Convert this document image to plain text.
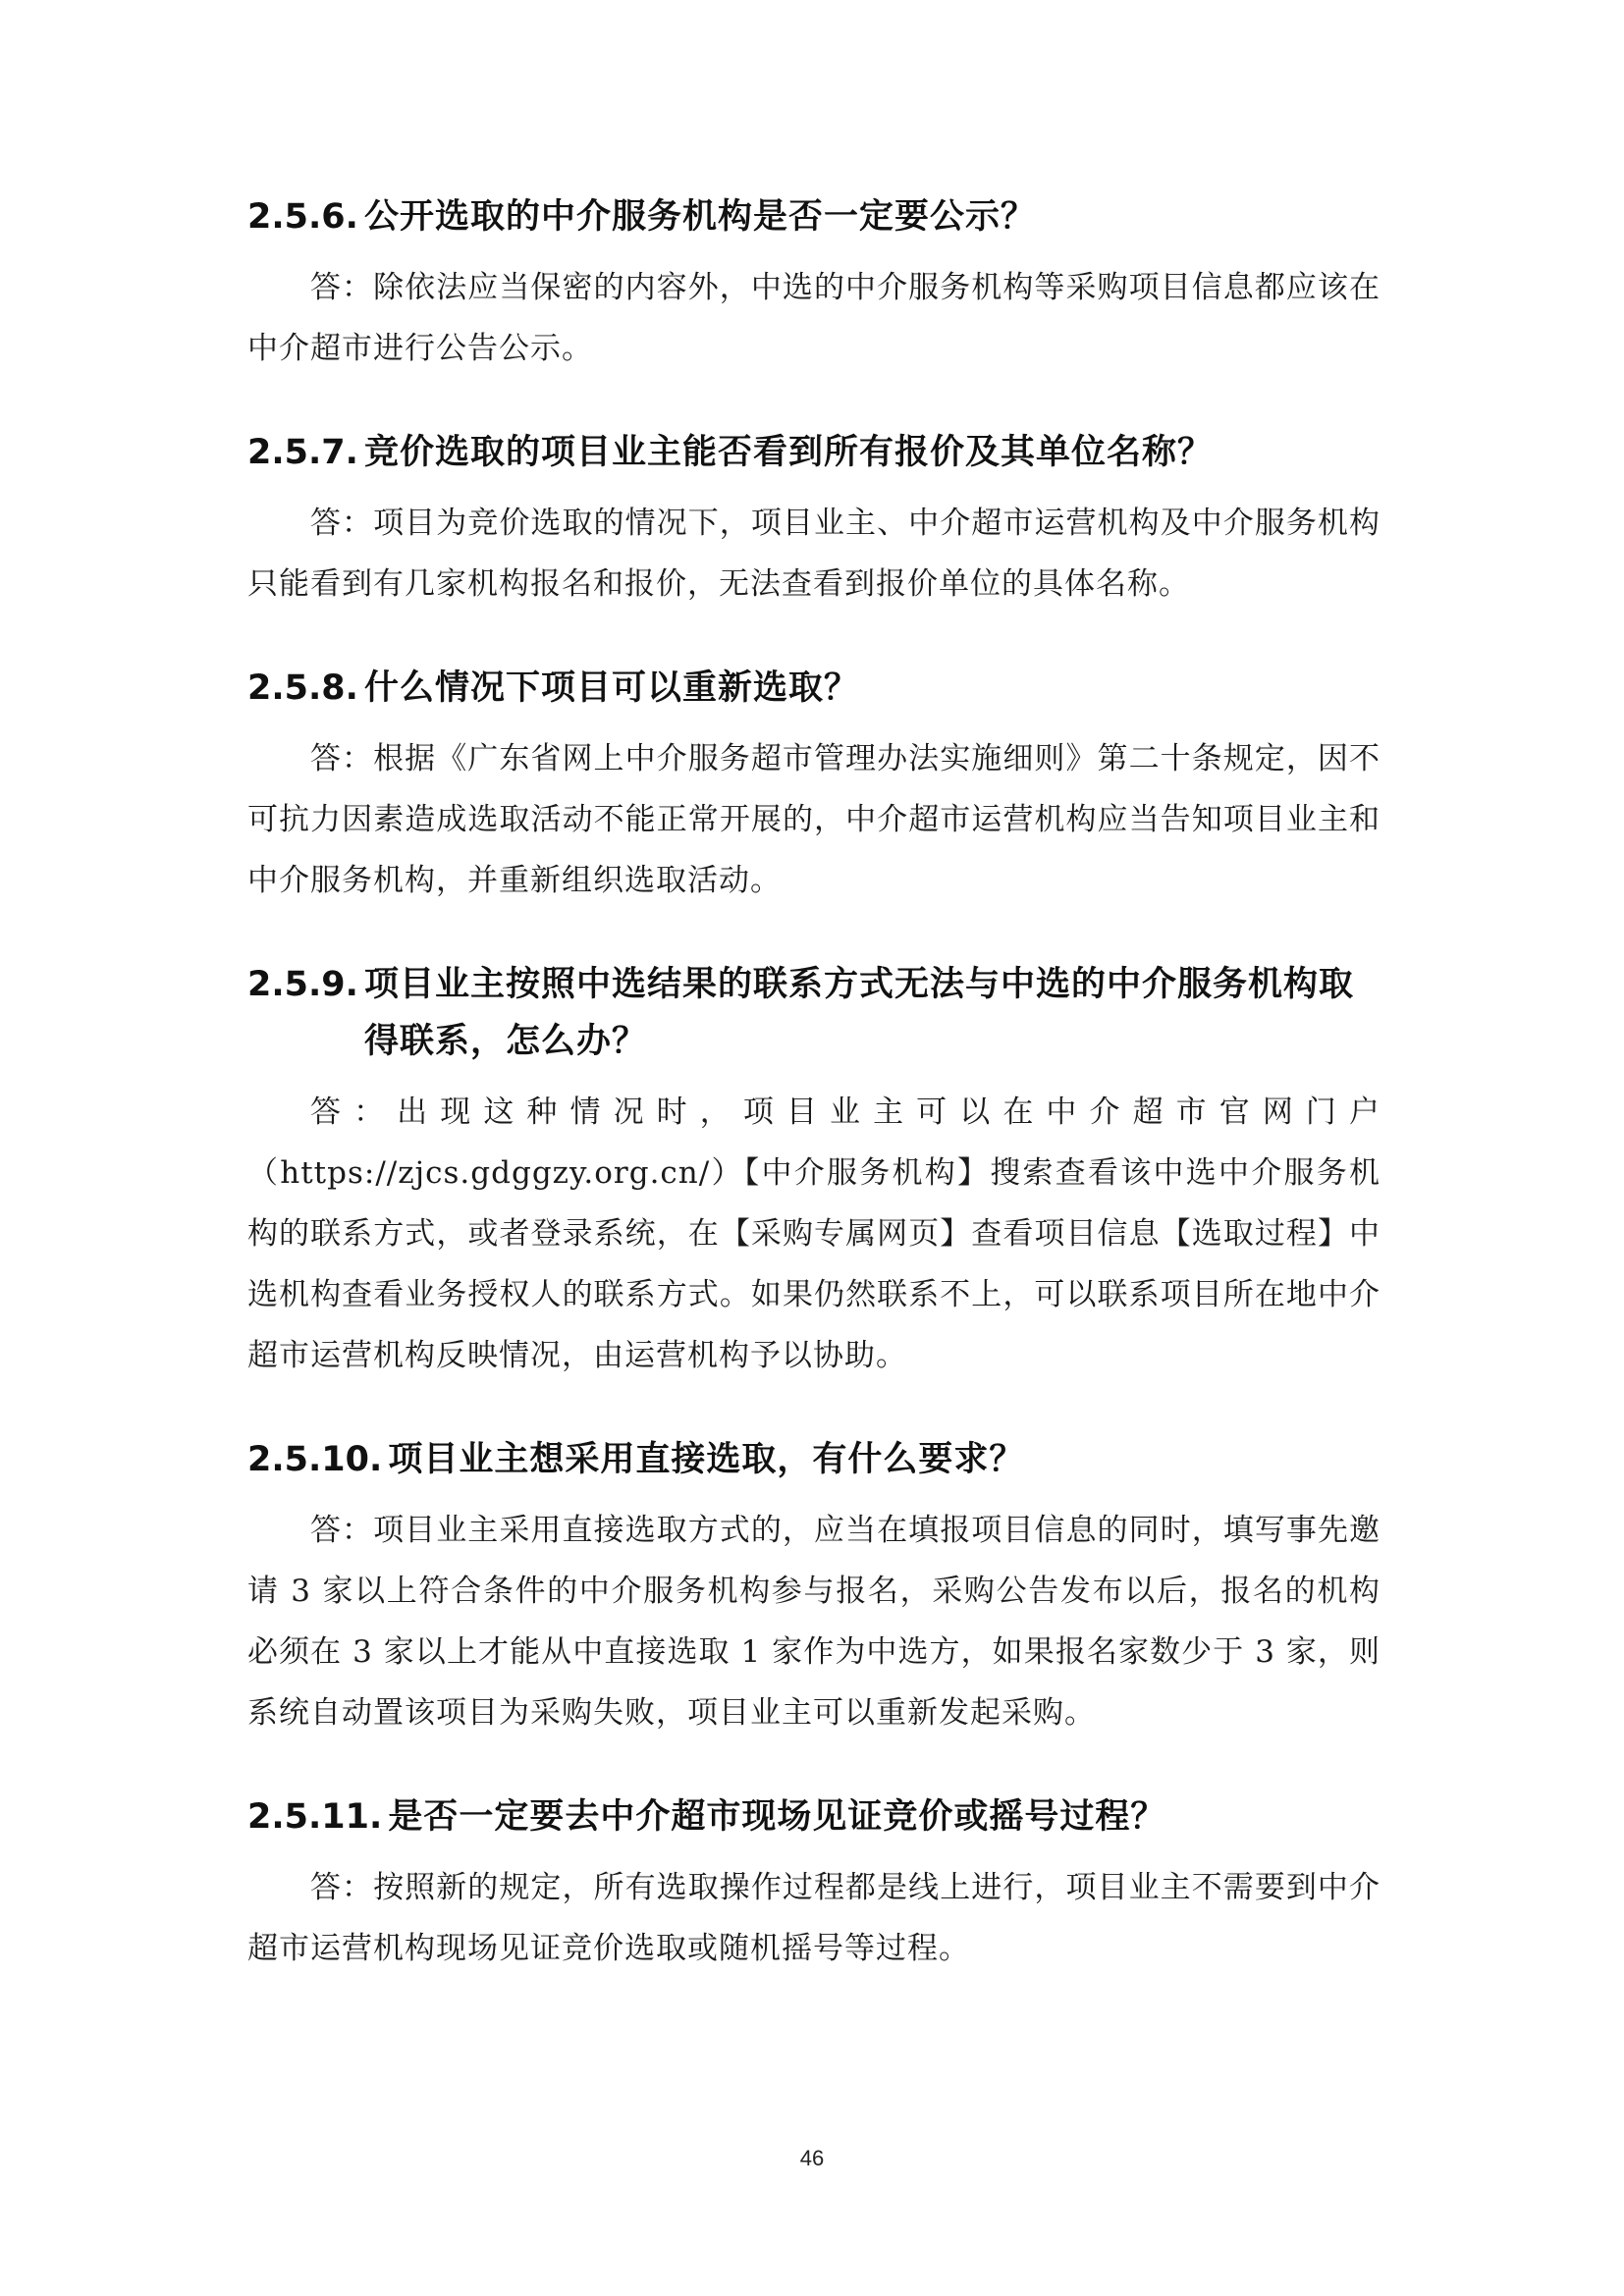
2.5.6. 公开选取的中介服务机构是否一定要公示？

答：除依法应当保密的内容外，中选的中介服务机构等采购项目信息都应该在中介超市进行公告公示。

2.5.7. 竞价选取的项目业主能否看到所有报价及其单位名称？

答：项目为竞价选取的情况下，项目业主、中介超市运营机构及中介服务机构只能看到有几家机构报名和报价，无法查看到报价单位的具体名称。

2.5.8. 什么情况下项目可以重新选取？

答：根据《广东省网上中介服务超市管理办法实施细则》第二十条规定，因不可抗力因素造成选取活动不能正常开展的，中介超市运营机构应当告知项目业主和中介服务机构，并重新组织选取活动。

2.5.9. 项目业主按照中选结果的联系方式无法与中选的中介服务机构取得联系，怎么办？

答：出现这种情况时，项目业主可以在中介超市官网门户（https://zjcs.gdggzy.org.cn/）【中介服务机构】搜索查看该中选中介服务机构的联系方式，或者登录系统，在【采购专属网页】查看项目信息【选取过程】中选机构查看业务授权人的联系方式。如果仍然联系不上，可以联系项目所在地中介超市运营机构反映情况，由运营机构予以协助。

2.5.10. 项目业主想采用直接选取，有什么要求？

答：项目业主采用直接选取方式的，应当在填报项目信息的同时，填写事先邀请 3 家以上符合条件的中介服务机构参与报名，采购公告发布以后，报名的机构必须在 3 家以上才能从中直接选取 1 家作为中选方，如果报名家数少于 3 家，则系统自动置该项目为采购失败，项目业主可以重新发起采购。

2.5.11. 是否一定要去中介超市现场见证竞价或摇号过程？

答：按照新的规定，所有选取操作过程都是线上进行，项目业主不需要到中介超市运营机构现场见证竞价选取或随机摇号等过程。

46
